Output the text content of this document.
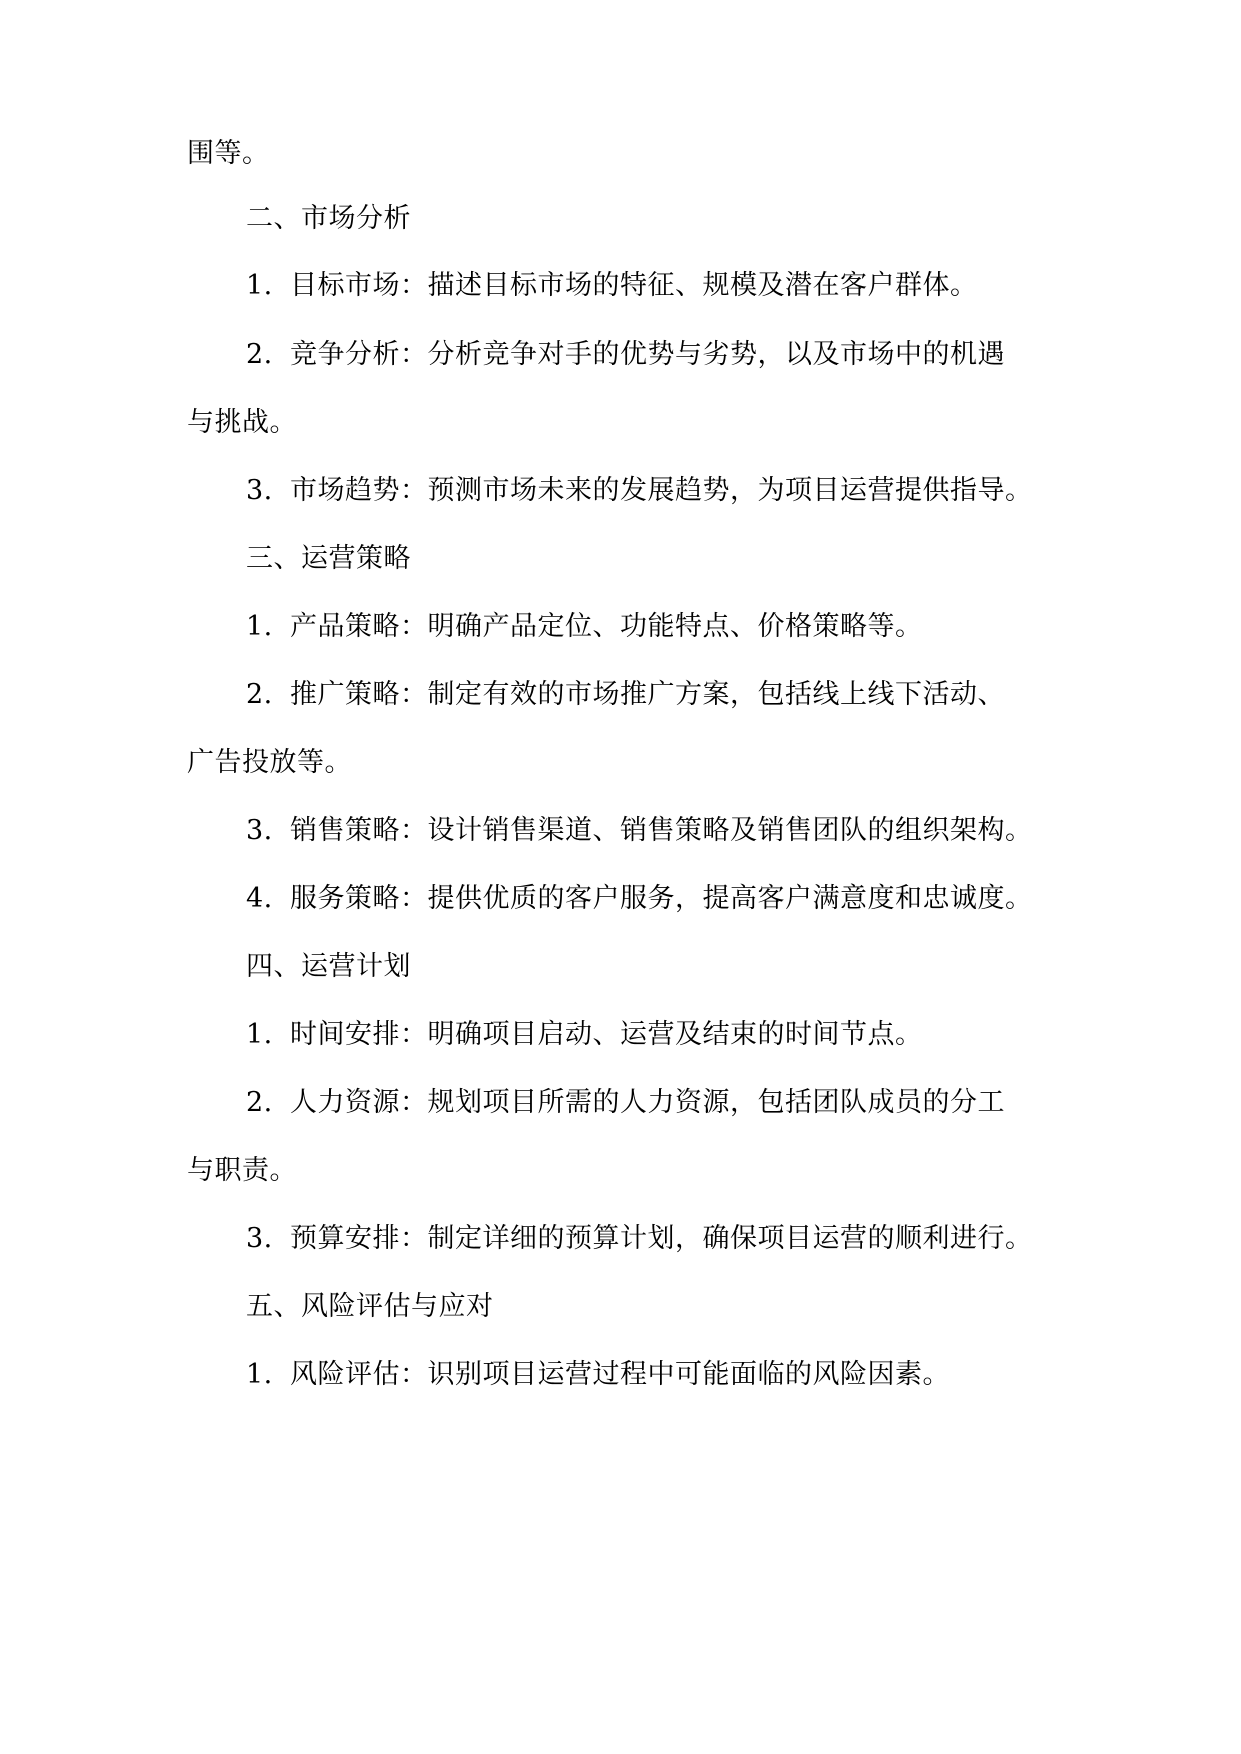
围等。
二、市场分析
1. 目标市场：描述目标市场的特征、规模及潜在客户群体。
2. 竞争分析：分析竞争对手的优势与劣势，以及市场中的机遇
与挑战。
3. 市场趋势：预测市场未来的发展趋势，为项目运营提供指导。
三、运营策略
1. 产品策略：明确产品定位、功能特点、价格策略等。
2. 推广策略：制定有效的市场推广方案，包括线上线下活动、
广告投放等。
3. 销售策略：设计销售渠道、销售策略及销售团队的组织架构。
4. 服务策略：提供优质的客户服务，提高客户满意度和忠诚度。
四、运营计划
1. 时间安排：明确项目启动、运营及结束的时间节点。
2. 人力资源：规划项目所需的人力资源，包括团队成员的分工
与职责。
3. 预算安排：制定详细的预算计划，确保项目运营的顺利进行。
五、风险评估与应对
1. 风险评估：识别项目运营过程中可能面临的风险因素。
